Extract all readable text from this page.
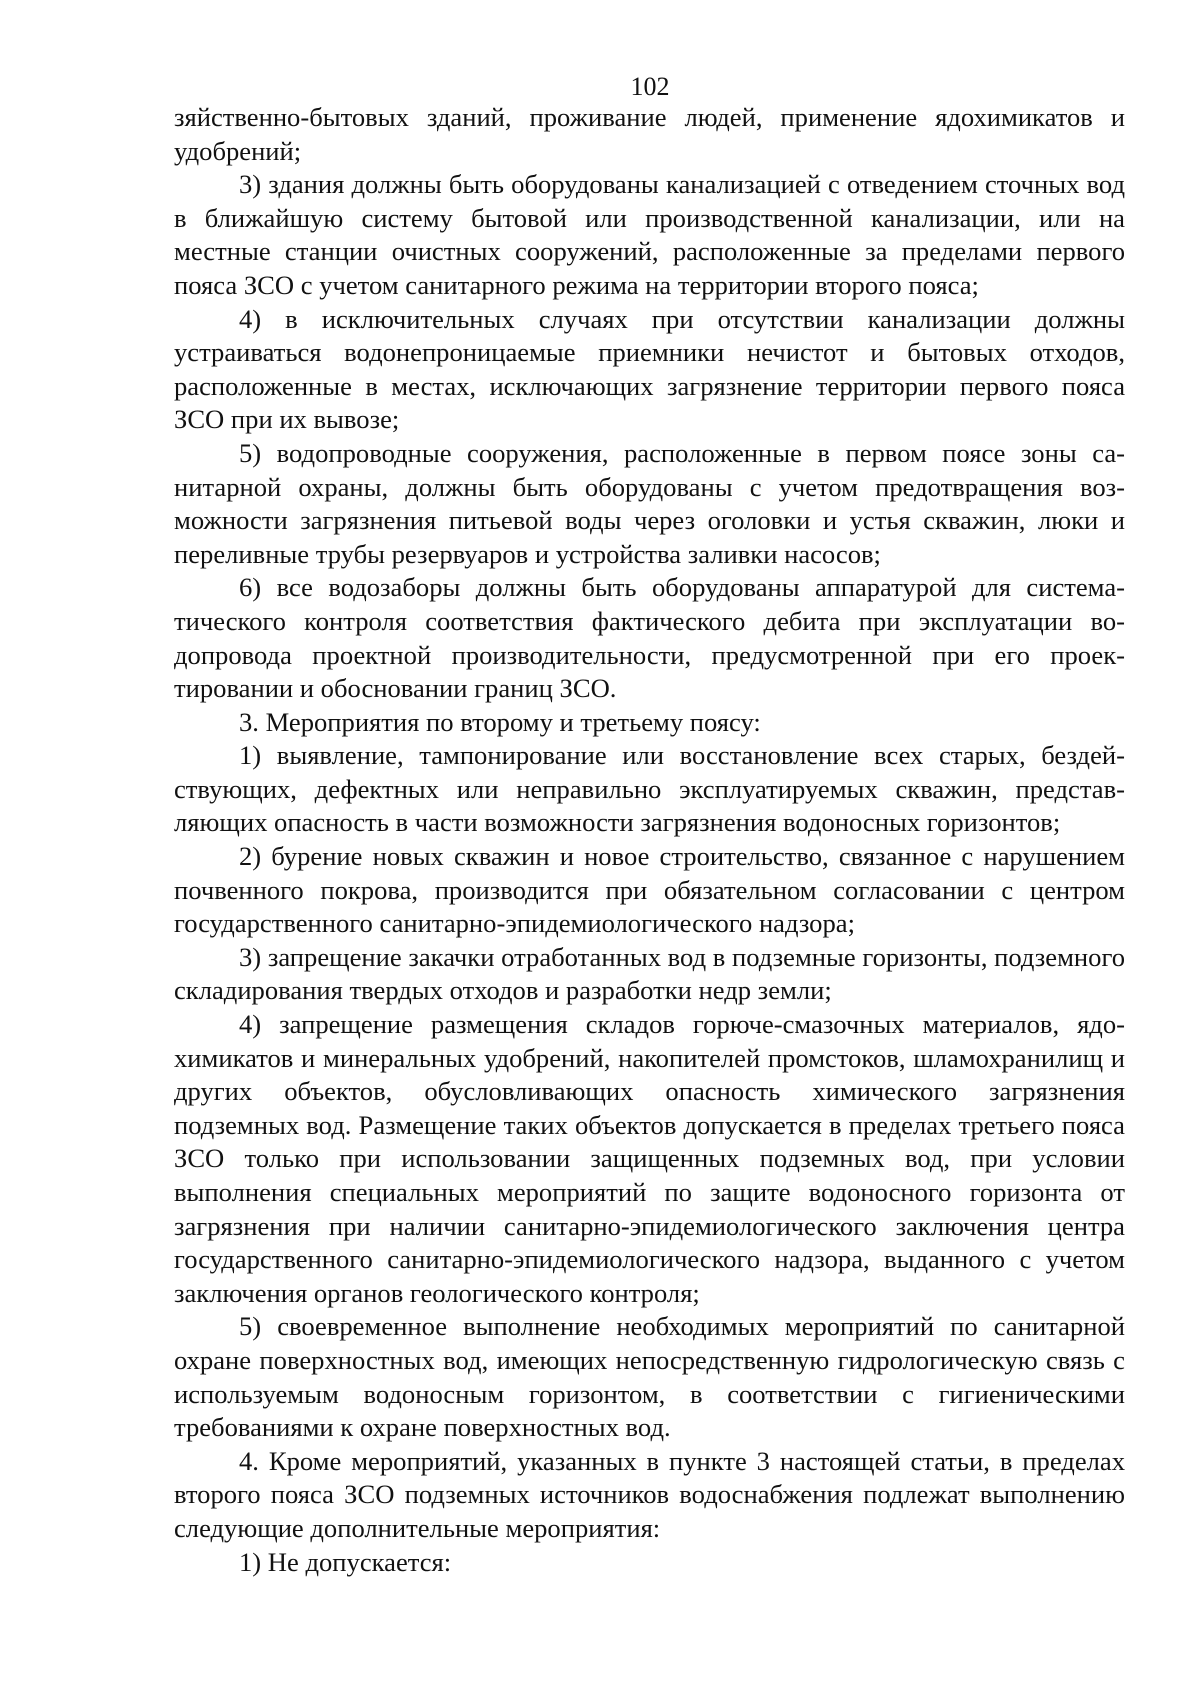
102

зяйственно-бытовых зданий, проживание людей, применение ядохимикатов и удобрений;

3) здания должны быть оборудованы канализацией с отведением сточных вод в ближайшую систему бытовой или производственной канализации, или на местные станции очистных сооружений, расположенные за пределами первого пояса ЗСО с учетом санитарного режима на территории второго пояса;

4) в исключительных случаях при отсутствии канализации должны устраиваться водонепроницаемые приемники нечистот и бытовых отходов, расположенные в местах, исключающих загрязнение территории первого пояса ЗСО при их вывозе;

5) водопроводные сооружения, расположенные в первом поясе зоны санитарной охраны, должны быть оборудованы с учетом предотвращения возможности загрязнения питьевой воды через оголовки и устья скважин, люки и переливные трубы резервуаров и устройства заливки насосов;

6) все водозаборы должны быть оборудованы аппаратурой для систематического контроля соответствия фактического дебита при эксплуатации водопровода проектной производительности, предусмотренной при его проектировании и обосновании границ ЗСО.

3. Мероприятия по второму и третьему поясу:

1) выявление, тампонирование или восстановление всех старых, бездействующих, дефектных или неправильно эксплуатируемых скважин, представляющих опасность в части возможности загрязнения водоносных горизонтов;

2) бурение новых скважин и новое строительство, связанное с нарушением почвенного покрова, производится при обязательном согласовании с центром государственного санитарно-эпидемиологического надзора;

3) запрещение закачки отработанных вод в подземные горизонты, подземного складирования твердых отходов и разработки недр земли;

4) запрещение размещения складов горюче-смазочных материалов, ядохимикатов и минеральных удобрений, накопителей промстоков, шламохранилищ и других объектов, обусловливающих опасность химического загрязнения подземных вод. Размещение таких объектов допускается в пределах третьего пояса ЗСО только при использовании защищенных подземных вод, при условии выполнения специальных мероприятий по защите водоносного горизонта от загрязнения при наличии санитарно-эпидемиологического заключения центра государственного санитарно-эпидемиологического надзора, выданного с учетом заключения органов геологического контроля;

5) своевременное выполнение необходимых мероприятий по санитарной охране поверхностных вод, имеющих непосредственную гидрологическую связь с используемым водоносным горизонтом, в соответствии с гигиеническими требованиями к охране поверхностных вод.

4. Кроме мероприятий, указанных в пункте 3 настоящей статьи, в пределах второго пояса ЗСО подземных источников водоснабжения подлежат выполнению следующие дополнительные мероприятия:

1) Не допускается:
